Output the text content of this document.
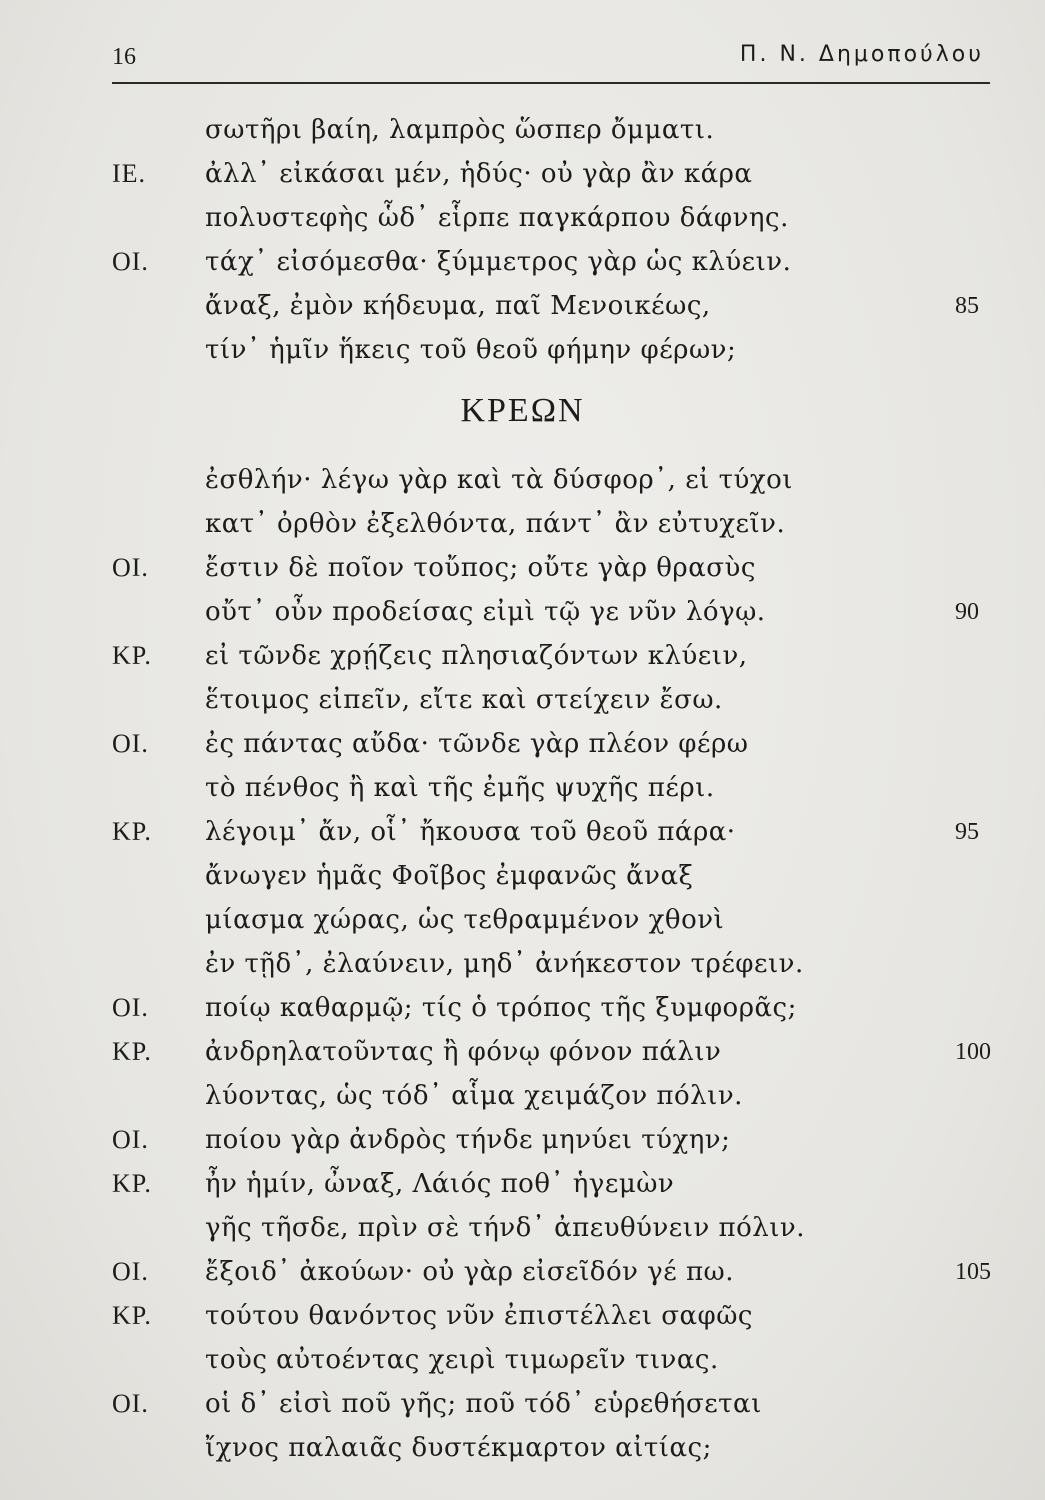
16	Π. Ν. Δημοπούλου
ΚΡΕΩΝ
σωτῆρι βαίη, λαμπρὸς ὥσπερ ὄμματι.
ΙΕ. ἀλλ᾽ εἰκάσαι μέν, ἡδύς· οὐ γὰρ ἂν κάρα
πολυστεφὴς ὧδ᾽ εἷρπε παγκάρπου δάφνης.
ΟΙ. τάχ᾽ εἰσόμεσθα· ξύμμετρος γὰρ ὡς κλύειν.
ἄναξ, ἐμὸν κήδευμα, παῖ Μενοικέως,	85
τίν᾽ ἡμῖν ἥκεις τοῦ θεοῦ φήμην φέρων;
ἐσθλήν· λέγω γὰρ καὶ τὰ δύσφορ᾽, εἰ τύχοι
κατ᾽ ὀρθὸν ἐξελθόντα, πάντ᾽ ἂν εὐτυχεῖν.
ΟΙ. ἔστιν δὲ ποῖον τοὔπος; οὔτε γὰρ θρασὺς
οὔτ᾽ οὖν προδείσας εἰμὶ τῷ γε νῦν λόγῳ.	90
ΚΡ. εἰ τῶνδε χρῄζεις πλησιαζόντων κλύειν,
ἕτοιμος εἰπεῖν, εἴτε καὶ στείχειν ἔσω.
ΟΙ. ἐς πάντας αὔδα· τῶνδε γὰρ πλέον φέρω
τὸ πένθος ἢ καὶ τῆς ἐμῆς ψυχῆς πέρι.
ΚΡ. λέγοιμ᾽ ἄν, οἷ᾽ ἤκουσα τοῦ θεοῦ πάρα·	95
ἄνωγεν ἡμᾶς Φοῖβος ἐμφανῶς ἄναξ
μίασμα χώρας, ὡς τεθραμμένον χθονὶ
ἐν τῇδ᾽, ἐλαύνειν, μηδ᾽ ἀνήκεστον τρέφειν.
ΟΙ. ποίῳ καθαρμῷ; τίς ὁ τρόπος τῆς ξυμφορᾶς;
ΚΡ. ἀνδρηλατοῦντας ἢ φόνῳ φόνον πάλιν	100
λύοντας, ὡς τόδ᾽ αἷμα χειμάζον πόλιν.
ΟΙ. ποίου γὰρ ἀνδρὸς τήνδε μηνύει τύχην;
ΚΡ. ἦν ἡμίν, ὦναξ, Λάιός ποθ᾽ ἡγεμὼν
γῆς τῆσδε, πρὶν σὲ τήνδ᾽ ἀπευθύνειν πόλιν.
ΟΙ. ἔξοιδ᾽ ἀκούων· οὐ γὰρ εἰσεῖδόν γέ πω.	105
ΚΡ. τούτου θανόντος νῦν ἐπιστέλλει σαφῶς
τοὺς αὐτοέντας χειρὶ τιμωρεῖν τινας.
ΟΙ. οἱ δ᾽ εἰσὶ ποῦ γῆς; ποῦ τόδ᾽ εὑρεθήσεται
ἴχνος παλαιᾶς δυστέκμαρτον αἰτίας;
